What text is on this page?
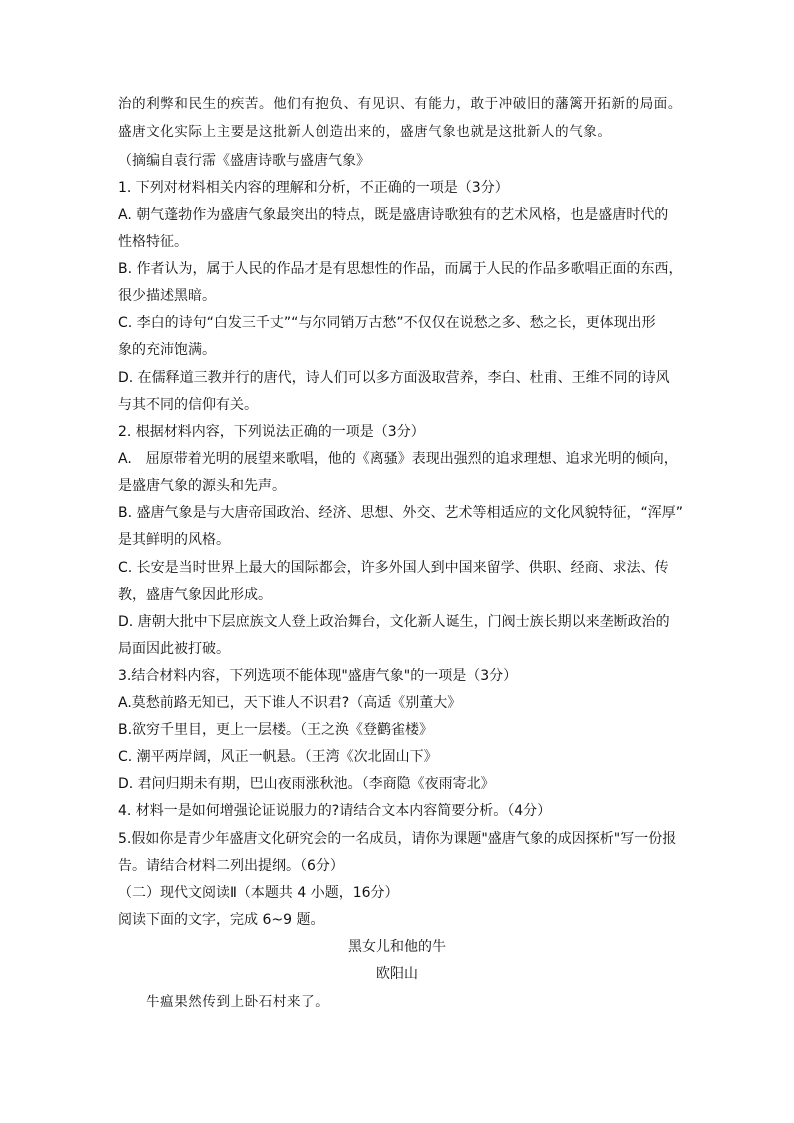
治的利弊和民生的疾苦。他们有抱负、有见识、有能力，敢于冲破旧的藩篱开拓新的局面。
盛唐文化实际上主要是这批新人创造出来的，盛唐气象也就是这批新人的气象。
（摘编自袁行霈《盛唐诗歌与盛唐气象》
1. 下列对材料相关内容的理解和分析，不正确的一项是（3分）
A. 朝气蓬勃作为盛唐气象最突出的特点，既是盛唐诗歌独有的艺术风格，也是盛唐时代的
性格特征。
B. 作者认为，属于人民的作品才是有思想性的作品，而属于人民的作品多歌唱正面的东西，
很少描述黑暗。
C. 李白的诗句“白发三千丈”“与尔同销万古愁”不仅仅在说愁之多、愁之长，更体现出形
象的充沛饱满。
D. 在儒释道三教并行的唐代，诗人们可以多方面汲取营养，李白、杜甫、王维不同的诗风
与其不同的信仰有关。
2. 根据材料内容，下列说法正确的一项是（3分）
A.　屈原带着光明的展望来歌唱，他的《离骚》表现出强烈的追求理想、追求光明的倾向，
是盛唐气象的源头和先声。
B. 盛唐气象是与大唐帝国政治、经济、思想、外交、艺术等相适应的文化风貌特征，“浑厚”
是其鲜明的风格。
C. 长安是当时世界上最大的国际都会，许多外国人到中国来留学、供职、经商、求法、传
教，盛唐气象因此形成。
D. 唐朝大批中下层庶族文人登上政治舞台，文化新人诞生，门阀士族长期以来垄断政治的
局面因此被打破。
3.结合材料内容，下列选项不能体现"盛唐气象"的一项是（3分）
A.莫愁前路无知已，天下谁人不识君?（高适《别董大》
B.欲穷千里目，更上一层楼。（王之涣《登鹳雀楼》
C. 潮平两岸阔，风正一帆悬。（王湾《次北固山下》
D. 君问归期未有期，巴山夜雨涨秋池。（李商隐《夜雨寄北》
4. 材料一是如何增强论证说服力的?请结合文本内容简要分析。（4分）
5.假如你是青少年盛唐文化研究会的一名成员，请你为课题"盛唐气象的成因探析"写一份报
告。请结合材料二列出提纲。（6分）
（二）现代文阅读Ⅱ（本题共 4 小题，16分）
阅读下面的文字，完成 6~9 题。
黑女儿和他的牛
欧阳山
牛瘟果然传到上卧石村来了。
